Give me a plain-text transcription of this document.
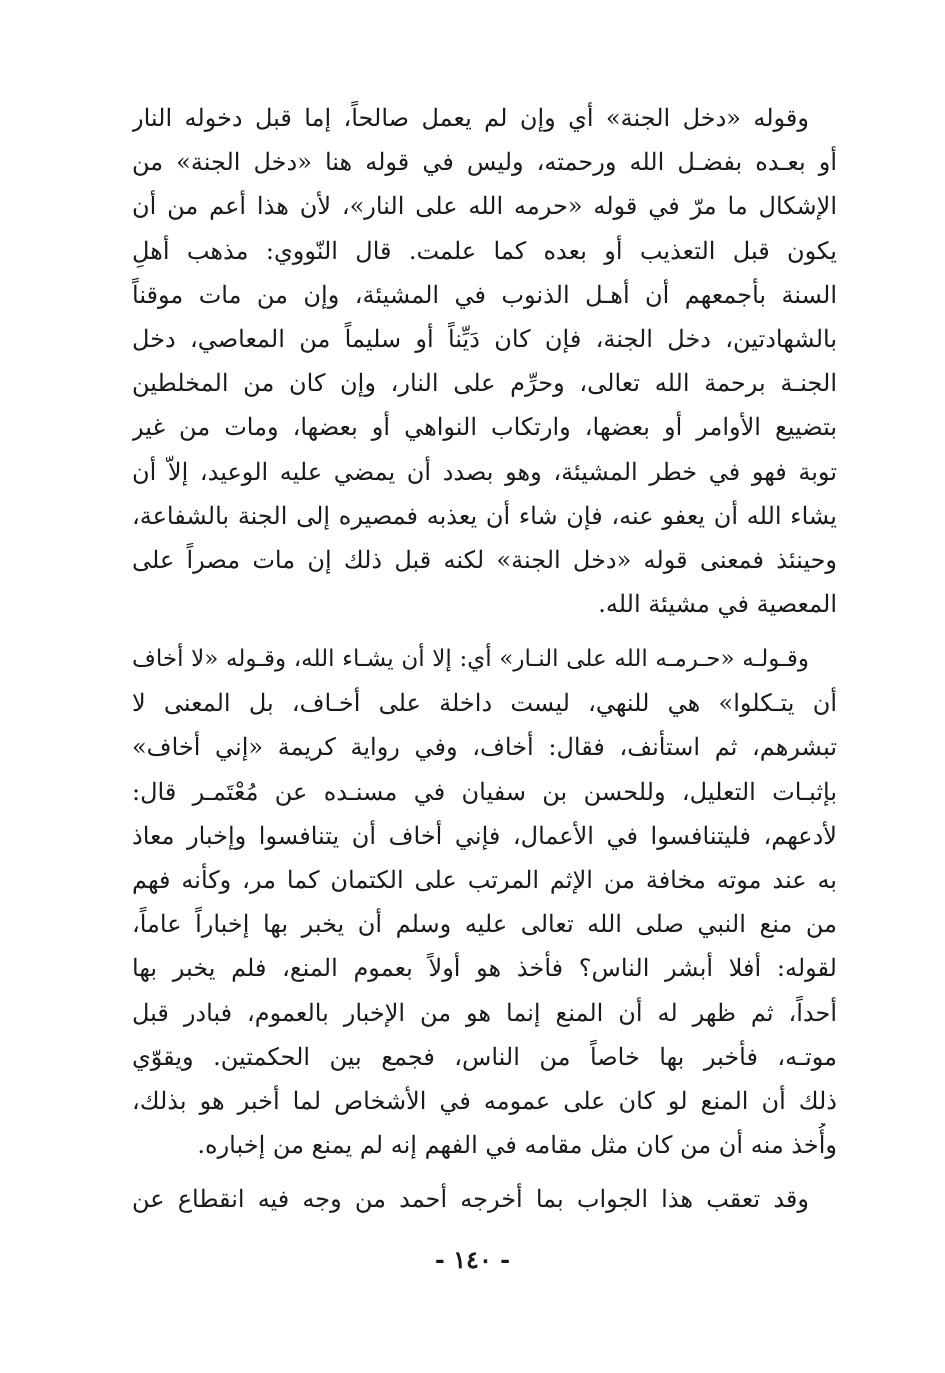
وقوله «دخل الجنة» أي وإن لم يعمل صالحاً، إما قبل دخوله النار
أو بعـده بفضـل الله ورحمته، وليس في قوله هنا «دخل الجنة» من
الإشكال ما مرّ في قوله «حرمه الله على النار»، لأن هذا أعم من أن
يكون قبل التعذيب أو بعده كما علمت. قال النّووي: مذهب أهلِ
السنة بأجمعهم أن أهـل الذنوب في المشيئة، وإن من مات موقناً
بالشهادتين، دخل الجنة، فإن كان دَيِّناً أو سليماً من المعاصي، دخل
الجنـة برحمة الله تعالى، وحرِّم على النار، وإن كان من المخلطين
بتضييع الأوامر أو بعضها، وارتكاب النواهي أو بعضها، ومات من غير
توبة فهو في خطر المشيئة، وهو بصدد أن يمضي عليه الوعيد، إلاّ أن
يشاء الله أن يعفو عنه، فإن شاء أن يعذبه فمصيره إلى الجنة بالشفاعة،
وحينئذ فمعنى قوله «دخل الجنة» لكنه قبل ذلك إن مات مصراً على
المعصية في مشيئة الله.
وقـولـه «حـرمـه الله على النـار» أي: إلا أن يشـاء الله، وقـوله «لا أخاف
أن يتـكلوا» هي للنهي، ليست داخلة على أخـاف، بل المعنى لا
تبشرهم، ثم استأنف، فقال: أخاف، وفي رواية كريمة «إني أخاف»
بإثبـات التعليل، وللحسن بن سفيان في مسنـده عن مُعْتَمـر قال:
لأدعهم، فليتنافسوا في الأعمال، فإني أخاف أن يتنافسوا وإخبار معاذ
به عند موته مخافة من الإثم المرتب على الكتمان كما مر، وكأنه فهم
من منع النبي صلى الله تعالى عليه وسلم أن يخبر بها إخباراً عاماً،
لقوله: أفلا أبشر الناس؟ فأخذ هو أولاً بعموم المنع، فلم يخبر بها
أحداً، ثم ظهر له أن المنع إنما هو من الإخبار بالعموم، فبادر قبل
موتـه، فأخبر بها خاصاً من الناس، فجمع بين الحكمتين. ويقوّي
ذلك أن المنع لو كان على عمومه في الأشخاص لما أخبر هو بذلك،
وأُخذ منه أن من كان مثل مقامه في الفهم إنه لم يمنع من إخباره.
وقد تعقب هذا الجواب بما أخرجه أحمد من وجه فيه انقطاع عن
- ١٤٠ -
